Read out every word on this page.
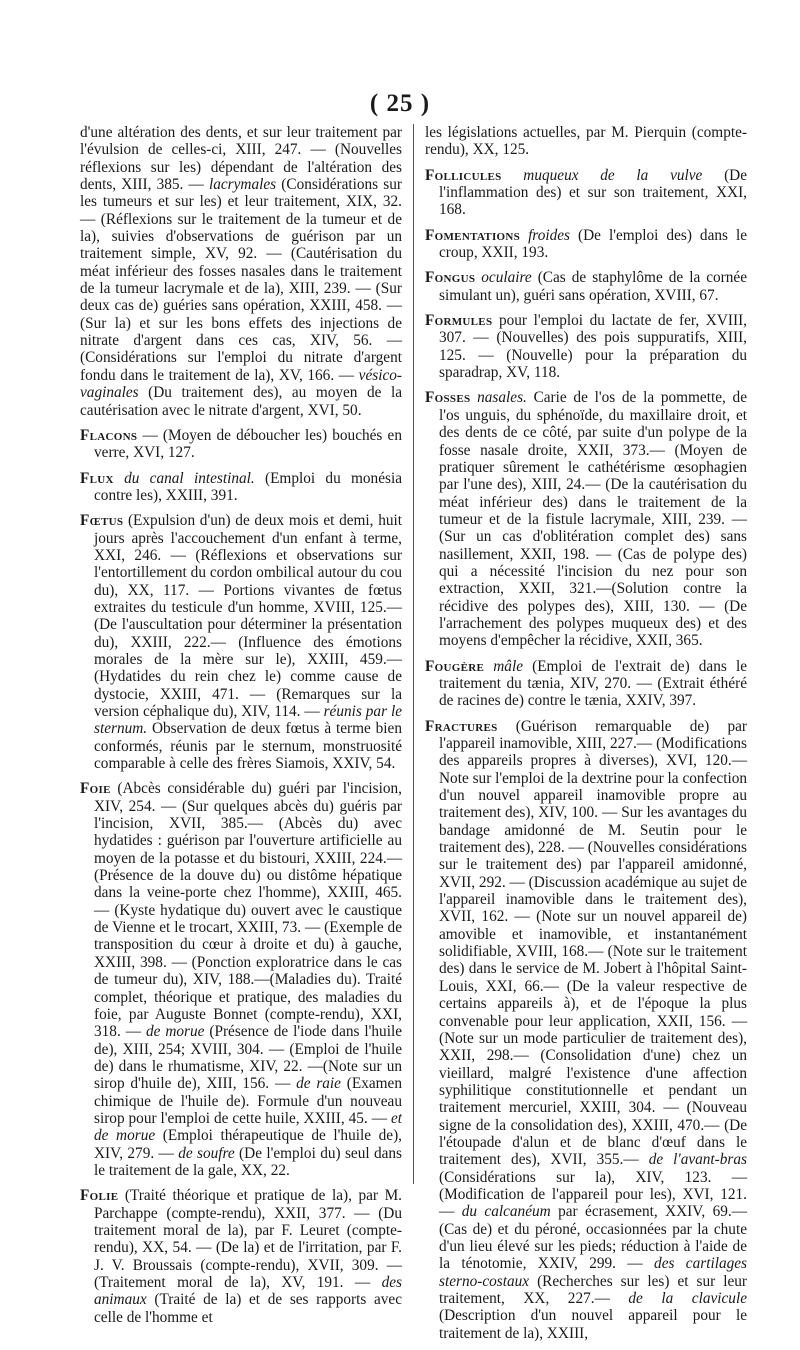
( 25 )

d'une altération des dents, et sur leur traitement par l'évulsion de celles-ci, XIII, 247. — (Nouvelles réflexions sur les) dépendant de l'altération des dents, XIII, 385. — lacrymales (Considérations sur les tumeurs et sur les) et leur traitement, XIX, 32. — (Réflexions sur le traitement de la tumeur et de la), suivies d'observations de guérison par un traitement simple, XV, 92. — (Cautérisation du méat inférieur des fosses nasales dans le traitement de la tumeur lacrymale et de la), XIII, 239. — (Sur deux cas de) guéries sans opération, XXIII, 458. — (Sur la) et sur les bons effets des injections de nitrate d'argent dans ces cas, XIV, 56. — (Considérations sur l'emploi du nitrate d'argent fondu dans le traitement de la), XV, 166. — vésico-vaginales (Du traitement des), au moyen de la cautérisation avec le nitrate d'argent, XVI, 50.

Flacons — (Moyen de déboucher les) bouchés en verre, XVI, 127.

Flux du canal intestinal. (Emploi du monésia contre les), XXIII, 391.

Fœtus (Expulsion d'un) de deux mois et demi, huit jours après l'accouchement d'un enfant à terme, XXI, 246. — (Réflexions et observations sur l'entortillement du cordon ombilical autour du cou du), XX, 117. — Portions vivantes de fœtus extraites du testicule d'un homme, XVIII, 125.— (De l'auscultation pour déterminer la présentation du), XXIII, 222.— (Influence des émotions morales de la mère sur le), XXIII, 459.— (Hydatides du rein chez le) comme cause de dystocie, XXIII, 471. — (Remarques sur la version céphalique du), XIV, 114. — réunis par le sternum. Observation de deux fœtus à terme bien conformés, réunis par le sternum, monstruosité comparable à celle des frères Siamois, XXIV, 54.

Foie (Abcès considérable du) guéri par l'incision, XIV, 254. — (Sur quelques abcès du) guéris par l'incision, XVII, 385.— (Abcès du) avec hydatides : guérison par l'ouverture artificielle au moyen de la potasse et du bistouri, XXIII, 224.—(Présence de la douve du) ou distôme hépatique dans la veine-porte chez l'homme), XXIII, 465. — (Kyste hydatique du) ouvert avec le caustique de Vienne et le trocart, XXIII, 73. — (Exemple de transposition du cœur à droite et du) à gauche, XXIII, 398. — (Ponction exploratrice dans le cas de tumeur du), XIV, 188.—(Maladies du). Traité complet, théorique et pratique, des maladies du foie, par Auguste Bonnet (compte-rendu), XXI, 318. — de morue (Présence de l'iode dans l'huile de), XIII, 254; XVIII, 304. — (Emploi de l'huile de) dans le rhumatisme, XIV, 22. —(Note sur un sirop d'huile de), XIII, 156. — de raie (Examen chimique de l'huile de). Formule d'un nouveau sirop pour l'emploi de cette huile, XXIII, 45. — et de morue (Emploi thérapeutique de l'huile de), XIV, 279. — de soufre (De l'emploi du) seul dans le traitement de la gale, XX, 22.

Folie (Traité théorique et pratique de la), par M. Parchappe (compte-rendu), XXII, 377. — (Du traitement moral de la), par F. Leuret (compte-rendu), XX, 54. — (De la) et de l'irritation, par F. J. V. Broussais (compte-rendu), XVII, 309. — (Traitement moral de la), XV, 191. — des animaux (Traité de la) et de ses rapports avec celle de l'homme et

les législations actuelles, par M. Pierquin (compte-rendu), XX, 125.

Follicules muqueux de la vulve (De l'inflammation des) et sur son traitement, XXI, 168.

Fomentations froides (De l'emploi des) dans le croup, XXII, 193.

Fongus oculaire (Cas de staphylôme de la cornée simulant un), guéri sans opération, XVIII, 67.

Formules pour l'emploi du lactate de fer, XVIII, 307. — (Nouvelles) des pois suppuratifs, XIII, 125. — (Nouvelle) pour la préparation du sparadrap, XV, 118.

Fosses nasales. Carie de l'os de la pommette, de l'os unguis, du sphénoïde, du maxillaire droit, et des dents de ce côté, par suite d'un polype de la fosse nasale droite, XXII, 373.— (Moyen de pratiquer sûrement le cathétérisme œsophagien par l'une des), XIII, 24.— (De la cautérisation du méat inférieur des) dans le traitement de la tumeur et de la fistule lacrymale, XIII, 239. — (Sur un cas d'oblitération complet des) sans nasillement, XXII, 198. — (Cas de polype des) qui a nécessité l'incision du nez pour son extraction, XXII, 321.—(Solution contre la récidive des polypes des), XIII, 130. — (De l'arrachement des polypes muqueux des) et des moyens d'empêcher la récidive, XXII, 365.

Fougère mâle (Emploi de l'extrait de) dans le traitement du tænia, XIV, 270. — (Extrait éthéré de racines de) contre le tænia, XXIV, 397.

Fractures (Guérison remarquable de) par l'appareil inamovible, XIII, 227.— (Modifications des appareils propres à diverses), XVI, 120.— Note sur l'emploi de la dextrine pour la confection d'un nouvel appareil inamovible propre au traitement des), XIV, 100. — Sur les avantages du bandage amidonné de M. Seutin pour le traitement des), 228. — (Nouvelles considérations sur le traitement des) par l'appareil amidonné, XVII, 292. — (Discussion académique au sujet de l'appareil inamovible dans le traitement des), XVII, 162. — (Note sur un nouvel appareil de) amovible et inamovible, et instantanément solidifiable, XVIII, 168.— (Note sur le traitement des) dans le service de M. Jobert à l'hôpital Saint-Louis, XXI, 66.— (De la valeur respective de certains appareils à), et de l'époque la plus convenable pour leur application, XXII, 156. — (Note sur un mode particulier de traitement des), XXII, 298.— (Consolidation d'une) chez un vieillard, malgré l'existence d'une affection syphilitique constitutionnelle et pendant un traitement mercuriel, XXIII, 304. — (Nouveau signe de la consolidation des), XXIII, 470.— (De l'étoupade d'alun et de blanc d'œuf dans le traitement des), XVII, 355.— de l'avant-bras (Considérations sur la), XIV, 123. — (Modification de l'appareil pour les), XVI, 121. — du calcanéum par écrasement, XXIV, 69.— (Cas de) et du péroné, occasionnées par la chute d'un lieu élevé sur les pieds; réduction à l'aide de la ténotomie, XXIV, 299. — des cartilages sterno-costaux (Recherches sur les) et sur leur traitement, XX, 227.— de la clavicule (Description d'un nouvel appareil pour le traitement de la), XXIII,
